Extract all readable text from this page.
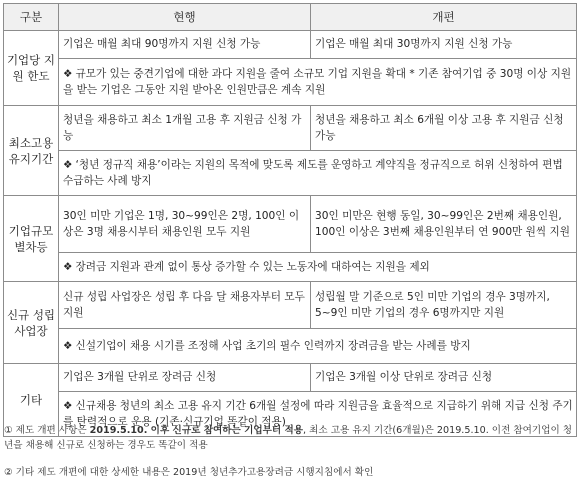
구분	현행	개편
기업당 지원 한도	기업은 매월 최대 90명까지 지원 신청 가능	기업은 매월 최대 30명까지 지원 신청 가능
	❖ 규모가 있는 중견기업에 대한 과다 지원을 줄여 소규모 기업 지원을 확대 * 기존 참여기업 중 30명 이상 지원을 받는 기업은 그동안 지원 받아온 인원만큼은 계속 지원	
최소고용 유지기간	청년을 채용하고 최소 1개월 고용 후 지원금 신청 가능	청년을 채용하고 최소 6개월 이상 고용 후 지원금 신청 가능
	❖ ‘청년 정규직 채용’이라는 지원의 목적에 맞도록 제도를 운영하고 계약직을 정규직으로 허위 신청하여 편법 수급하는 사례 방지	
기업규모 별차등	30인 미만 기업은 1명, 30~99인은 2명, 100인 이상은 3명 채용시부터 채용인원 모두 지원	30인 미만은 현행 동일, 30~99인은 2번째 채용인원, 100인 이상은 3번째 채용인원부터 연 900만 원씩 지원
	❖ 장려금 지원과 관계 없이 통상 증가할 수 있는 노동자에 대하여는 지원을 제외	
신규 성립 사업장	신규 성립 사업장은 성립 후 다음 달 채용자부터 모두 지원	성립월 말 기준으로 5인 미만 기업의 경우 3명까지, 5~9인 미만 기업의 경우 6명까지만 지원
	❖ 신설기업이 채용 시기를 조정해 사업 초기의 필수 인력까지 장려금을 받는 사례를 방지	
기타	기업은 3개월 단위로 장려금 신청	기업은 3개월 이상 단위로 장려금 신청
	❖ 신규채용 청년의 최소 고용 유지 기간 6개월 설정에 따라 지원금을 효율적으로 지급하기 위해 지급 신청 주기를 탄력적으로 운용 (기존·신규기업 똑같이 적용)	
① 제도 개편 사항은 2019.5.10. 이후 신규로 참여하는 기업부터 적용, 최소 고용 유지 기간(6개월)은 2019.5.10. 이전 참여기업이 청년을 채용해 신규로 신청하는 경우도 똑같이 적용
② 기타 제도 개편에 대한 상세한 내용은 2019년 청년추가고용장려금 시행지침에서 확인
